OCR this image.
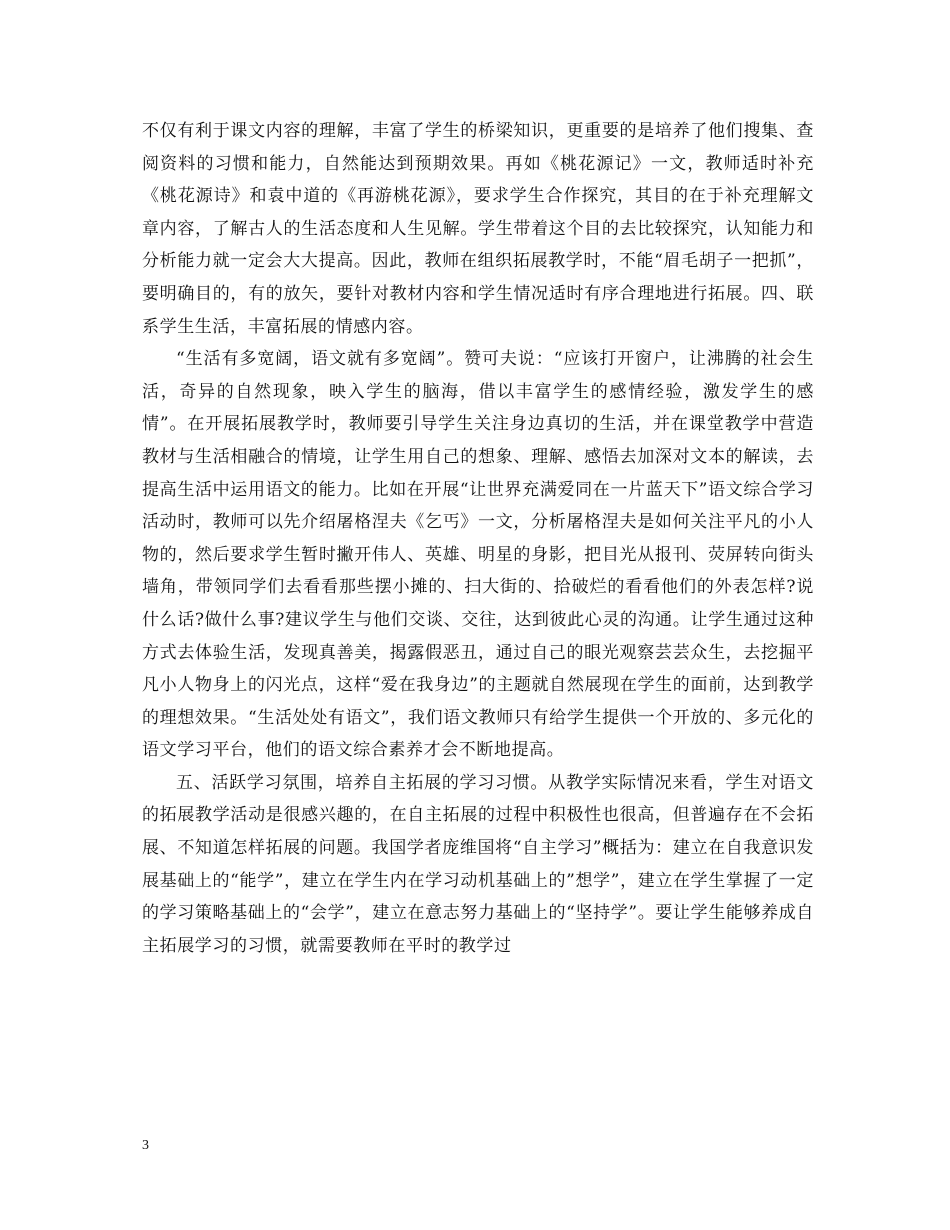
不仅有利于课文内容的理解，丰富了学生的桥梁知识，更重要的是培养了他们搜集、查阅资料的习惯和能力，自然能达到预期效果。再如《桃花源记》一文，教师适时补充《桃花源诗》和袁中道的《再游桃花源》，要求学生合作探究，其目的在于补充理解文章内容，了解古人的生活态度和人生见解。学生带着这个目的去比较探究，认知能力和分析能力就一定会大大提高。因此，教师在组织拓展教学时，不能“眉毛胡子一把抓”，要明确目的，有的放矢，要针对教材内容和学生情况适时有序合理地进行拓展。四、联系学生生活，丰富拓展的情感内容。

“生活有多宽阔，语文就有多宽阔”。赞可夫说：“应该打开窗户，让沸腾的社会生活，奇异的自然现象，映入学生的脑海，借以丰富学生的感情经验，激发学生的感情”。在开展拓展教学时，教师要引导学生关注身边真切的生活，并在课堂教学中营造教材与生活相融合的情境，让学生用自己的想象、理解、感悟去加深对文本的解读，去提高生活中运用语文的能力。比如在开展“让世界充满爱同在一片蓝天下”语文综合学习活动时，教师可以先介绍屠格涅夫《乞丐》一文，分析屠格涅夫是如何关注平凡的小人物的，然后要求学生暂时撇开伟人、英雄、明星的身影，把目光从报刊、荧屏转向街头墙角，带领同学们去看看那些摆小摊的、扫大街的、拾破烂的看看他们的外表怎样?说什么话?做什么事?建议学生与他们交谈、交往，达到彼此心灵的沟通。让学生通过这种方式去体验生活，发现真善美，揭露假恶丑，通过自己的眼光观察芸芸众生，去挖掘平凡小人物身上的闪光点，这样“爱在我身边”的主题就自然展现在学生的面前，达到教学的理想效果。“生活处处有语文”，我们语文教师只有给学生提供一个开放的、多元化的语文学习平台，他们的语文综合素养才会不断地提高。

五、活跃学习氛围，培养自主拓展的学习习惯。从教学实际情况来看，学生对语文的拓展教学活动是很感兴趣的，在自主拓展的过程中积极性也很高，但普遍存在不会拓展、不知道怎样拓展的问题。我国学者庞维国将“自主学习”概括为：建立在自我意识发展基础上的“能学”，建立在学生内在学习动机基础上的”想学”，建立在学生掌握了一定的学习策略基础上的“会学”，建立在意志努力基础上的“坚持学”。要让学生能够养成自主拓展学习的习惯，就需要教师在平时的教学过

3
